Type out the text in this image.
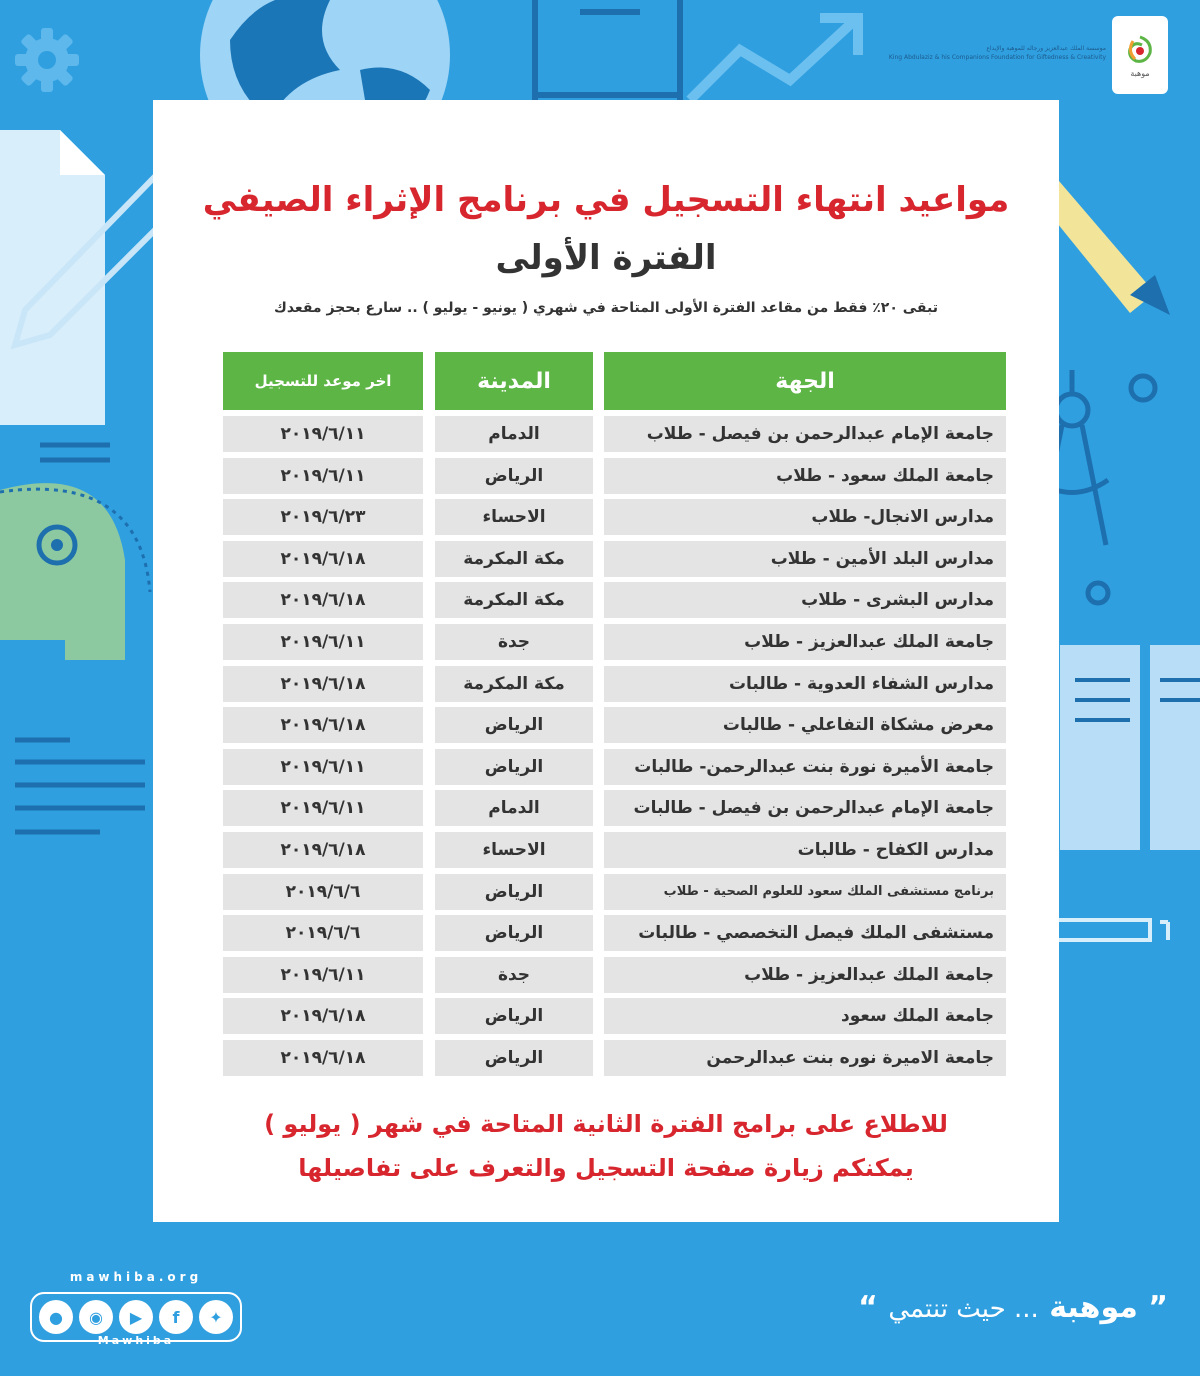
موسسة الملك عبدالعزيز ورجاله للموهبة والإبداع
King Abdulaziz & his Companions Foundation for Giftedness & Creativity
موهبة
مواعيد انتهاء التسجيل في برنامج الإثراء الصيفي
الفترة الأولى
تبقى ٢٠٪ فقط من مقاعد الفترة الأولى المتاحة في شهري ( يونيو - يوليو ) .. سارع بحجز مقعدك
اخر موعد للتسجيل	المدينة	الجهة
٢٠١٩/٦/١١	الدمام	جامعة الإمام عبدالرحمن بن فيصل - طلاب
٢٠١٩/٦/١١	الرياض	جامعة الملك سعود - طلاب
٢٠١٩/٦/٢٣	الاحساء	مدارس الانجال- طلاب
٢٠١٩/٦/١٨	مكة المكرمة	مدارس البلد الأمين - طلاب
٢٠١٩/٦/١٨	مكة المكرمة	مدارس البشرى - طلاب
٢٠١٩/٦/١١	جدة	جامعة الملك عبدالعزيز - طلاب
٢٠١٩/٦/١٨	مكة المكرمة	مدارس الشفاء العدوية - طالبات
٢٠١٩/٦/١٨	الرياض	معرض مشكاة التفاعلي - طالبات
٢٠١٩/٦/١١	الرياض	جامعة الأميرة نورة بنت عبدالرحمن- طالبات
٢٠١٩/٦/١١	الدمام	جامعة الإمام عبدالرحمن بن فيصل - طالبات
٢٠١٩/٦/١٨	الاحساء	مدارس الكفاح - طالبات
٢٠١٩/٦/٦	الرياض	برنامج مستشفى الملك سعود للعلوم الصحية - طلاب
٢٠١٩/٦/٦	الرياض	مستشفى الملك فيصل التخصصي - طالبات
٢٠١٩/٦/١١	جدة	جامعة الملك عبدالعزيز - طلاب
٢٠١٩/٦/١٨	الرياض	جامعة الملك سعود
٢٠١٩/٦/١٨	الرياض	جامعة الاميرة نوره بنت عبدالرحمن
للاطلاع على برامج الفترة الثانية المتاحة في شهر ( يوليو )
يمكنكم زيارة صفحة التسجيل والتعرف على تفاصيلها
mawhiba.org
●	◉	▶	f	✦
Mawhiba
” موهبة ... حيث تنتمي “
